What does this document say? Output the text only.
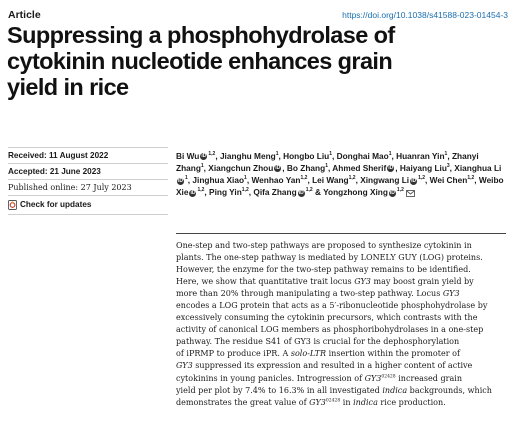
Article	https://doi.org/10.1038/s41588-023-01454-3
Suppressing a phosphohydrolase of
cytokinin nucleotide enhances grain
yield in rice
Received: 11 August 2022
Accepted: 21 June 2023
Published online: 27 July 2023
Check for updates
Bi Wu iD $^{1,2}$, Jianghu Meng$^1$, Hongbo Liu$^1$, Donghai Mao$^1$, Huanran Yin$^1$, Zhanyi Zhang$^1$, Xiangchun Zhou iD , Bo Zhang$^1$, Ahmed Sherif iD , Haiyang Liu$^3$, Xianghua LiiD $^1$, Jinghua Xiao$^1$, Wenhao Yan$^{1,2}$, Lei Wang$^{1,2}$, Xingwang Li iD $^{1,2}$, Wei Chen$^{1,2}$, Weibo Xie iD $^{1,2}$, Ping Yin$^{1,2}$, Qifa Zhang iD $^{1,2}$ & Yongzhong Xing iD $^{1,2}$
One-step and two-step pathways are proposed to synthesize cytokinin in
plants. The one-step pathway is mediated by LONELY GUY (LOG) proteins.
However, the enzyme for the two-step pathway remains to be identified.
Here, we show that quantitative trait locus GY3 may boost grain yield by
more than 20% through manipulating a two-step pathway. Locus GY3
encodes a LOG protein that acts as a 5′-ribonucleotide phosphohydrolase by
excessively consuming the cytokinin precursors, which contrasts with the
activity of canonical LOG members as phosphoribohydrolases in a one-step
pathway. The residue S41 of GY3 is crucial for the dephosphorylation
of iPRMP to produce iPR. A solo-LTR insertion within the promoter of
GY3 suppressed its expression and resulted in a higher content of active
cytokinins in young panicles. Introgression of $GY3^{02428}$ increased grain
yield per plot by 7.4% to 16.3% in all investigated indica backgrounds, which
demonstrates the great value of $GY3^{02428}$ in indica rice production.
